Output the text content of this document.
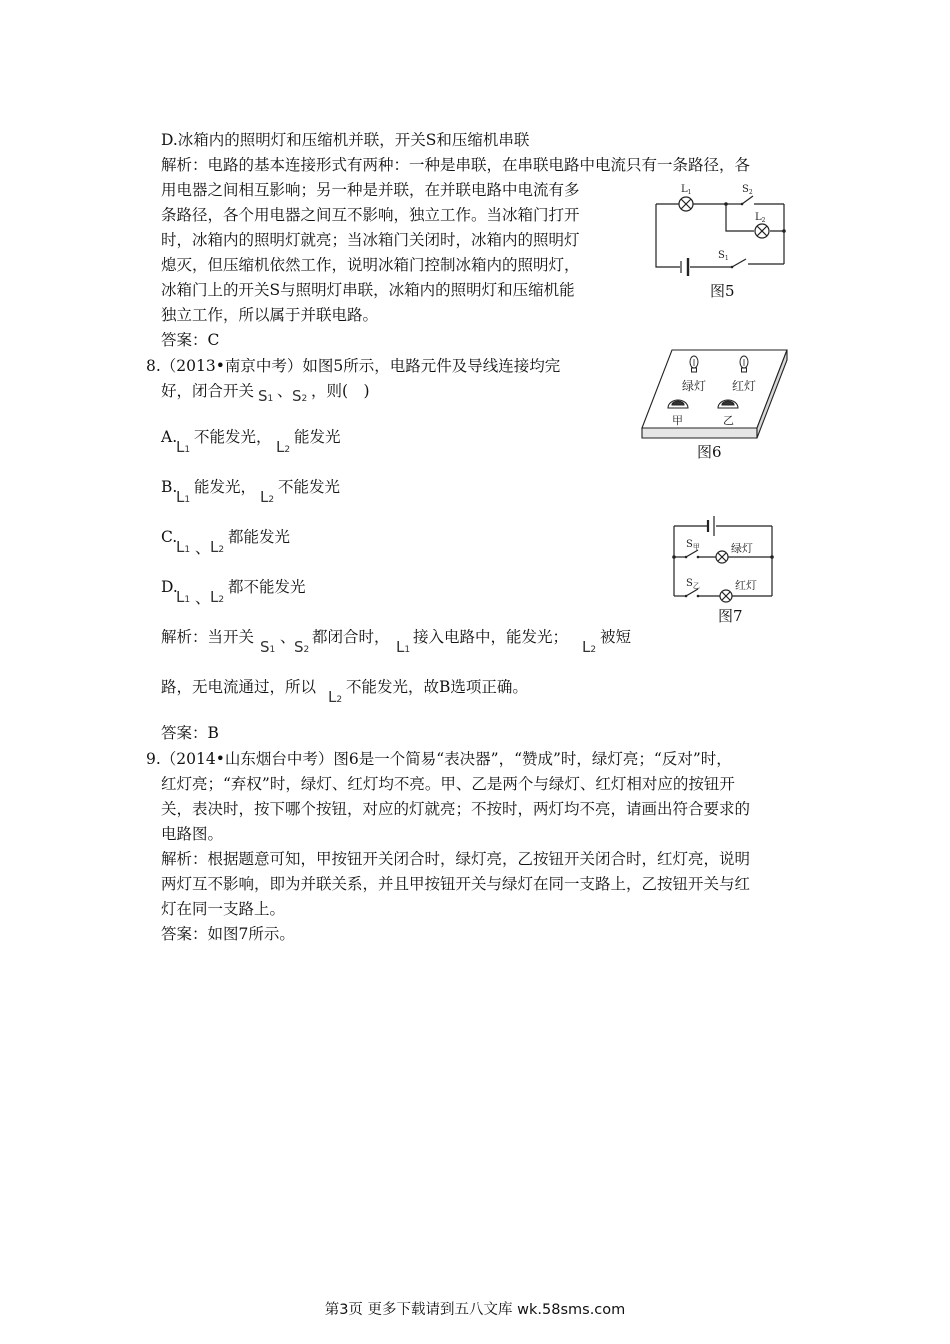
D.冰箱内的照明灯和压缩机并联，开关S和压缩机串联
解析：电路的基本连接形式有两种：一种是串联，在串联电路中电流只有一条路径，各
用电器之间相互影响；另一种是并联，在并联电路中电流有多
条路径，各个用电器之间互不影响，独立工作。当冰箱门打开
时，冰箱内的照明灯就亮；当冰箱门关闭时，冰箱内的照明灯
熄灭，但压缩机依然工作，说明冰箱门控制冰箱内的照明灯，
冰箱门上的开关S与照明灯串联，冰箱内的照明灯和压缩机能
独立工作，所以属于并联电路。
答案：C
$L_1$	$S_2$
$L_2$
$S_1$
图5
8.（2013•南京中考）如图5所示，电路元件及导线连接均完
好，闭合开关 S1 、 S2 ，则(　)
A.
L1
不能发光，
L2
能发光
B.
L1
能发光，
L2
不能发光
C.
L1 、 L2
都能发光
D.
L1 、 L2
都不能发光
解析：当开关
S1
、
S2
都闭合时，
L1
接入电路中，能发光；
L2
被短
路，无电流通过，所以
L2
不能发光，故B选项正确。
答案：B
绿灯 红灯
甲	乙
图6
$S_甲$
$S_乙$
绿灯
红灯
图7
9.（2014•山东烟台中考）图6是一个简易“表决器”，“赞成”时，绿灯亮；“反对”时，
红灯亮；“弃权”时，绿灯、红灯均不亮。甲、乙是两个与绿灯、红灯相对应的按钮开
关，表决时，按下哪个按钮，对应的灯就亮；不按时，两灯均不亮，请画出符合要求的
电路图。
解析：根据题意可知，甲按钮开关闭合时，绿灯亮，乙按钮开关闭合时，红灯亮，说明
两灯互不影响，即为并联关系，并且甲按钮开关与绿灯在同一支路上，乙按钮开关与红
灯在同一支路上。
答案：如图7所示。
第3页 更多下载请到五八文库 wk.58sms.com
